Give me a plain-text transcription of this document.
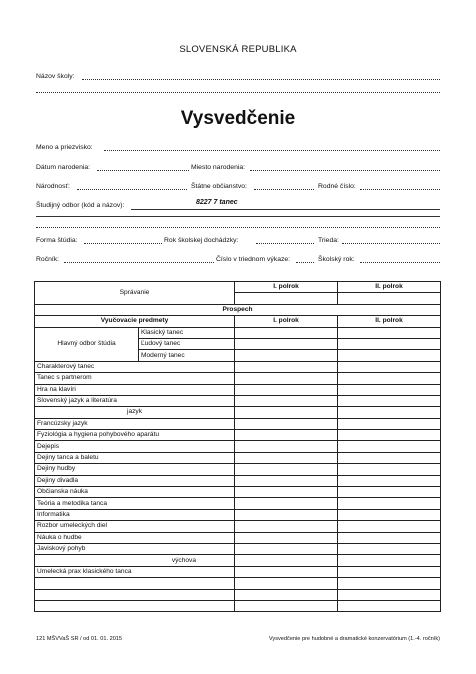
SLOVENSKÁ REPUBLIKA
Názov školy:
Vysvedčenie
Meno a priezvisko:
Dátum narodenia:	Miesto narodenia:
Národnosť:	Štátne občianstvo:	Rodné číslo:
Študijný odbor (kód a názov):	8227 7 tanec
Forma štúdia:	Rok školskej dochádzky:	Trieda:
Ročník:	Číslo v triednom výkaze:	Školský rok:
Správanie		I. polrok	II. polrok

Prospech			
Vyučovacie predmety		I. polrok	II. polrok
Hlavný odbor štúdia	Klasický tanec		
	Ľudový tanec		
	Moderný tanec		
Charakterový tanec			
Tanec s partnerom			
Hra na klavíri			
Slovenský jazyk a literatúra			
jazyk			
Francúzsky jazyk			
Fyziológia a hygiena pohybového aparátu			
Dejepis			
Dejiny tanca a baletu			
Dejiny hudby			
Dejiny divadla			
Občianska náuka			
Teória a metodika tanca			
Informatika			
Rozbor umeleckých diel			
Náuka o hudbe			
Javiskový pohyb			
výchova			
Umelecká prax klasického tanca			

121 MŠVVaŠ SR / od 01. 01. 2015	Vysvedčenie pre hudobné a dramatické konzervatórium (1.-4. ročník)
